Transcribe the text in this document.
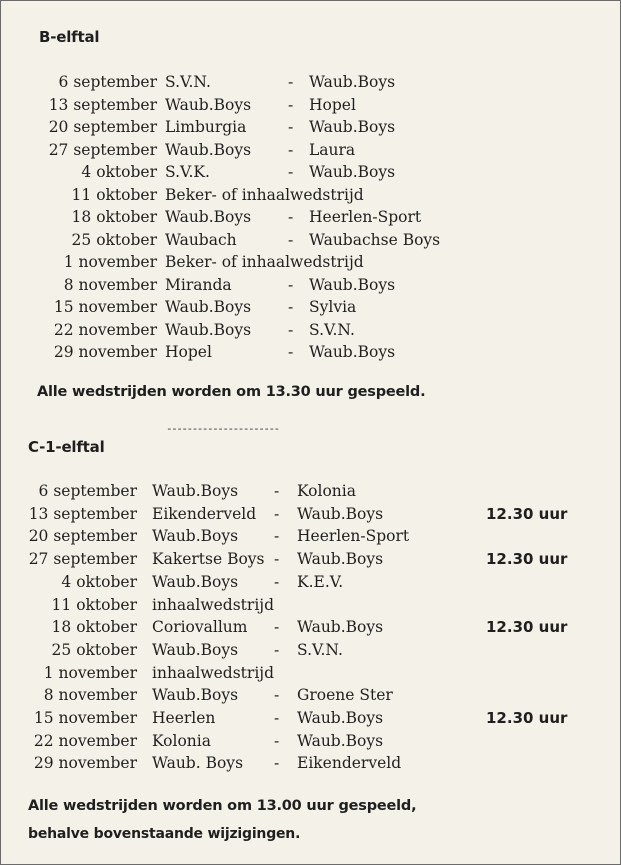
B-elftal
6 september S.V.N.	- Waub.Boys
13 september Waub.Boys - Hopel
20 september Limburgia	- Waub.Boys
27 september Waub.Boys - Laura
4 oktober S.V.K.	- Waub.Boys
11 oktober Beker- of inhaalwedstrijd
18 oktober Waub.Boys - Heerlen-Sport
25 oktober Waubach	- Waubachse Boys
1 november Beker- of inhaalwedstrijd
8 november Miranda	- Waub.Boys
15 november Waub.Boys - Sylvia
22 november Waub.Boys - S.V.N.
29 november Hopel	- Waub.Boys
Alle wedstrijden worden om 13.30 uur gespeeld.
----------------------
C-1-elftal
6 september Waub.Boys - Kolonia
13 september Eikenderveld - Waub.Boys	12.30 uur
20 september Waub.Boys - Heerlen-Sport
27 september Kakertse Boys - Waub.Boys	12.30 uur
4 oktober Waub.Boys - K.E.V.
11 oktober inhaalwedstrijd
18 oktober Coriovallum - Waub.Boys	12.30 uur
25 oktober Waub.Boys - S.V.N.
1 november inhaalwedstrijd
8 november Waub.Boys - Groene Ster
15 november Heerlen	- Waub.Boys	12.30 uur
22 november Kolonia	- Waub.Boys
29 november Waub. Boys - Eikenderveld
Alle wedstrijden worden om 13.00 uur gespeeld,
behalve bovenstaande wijzigingen.
